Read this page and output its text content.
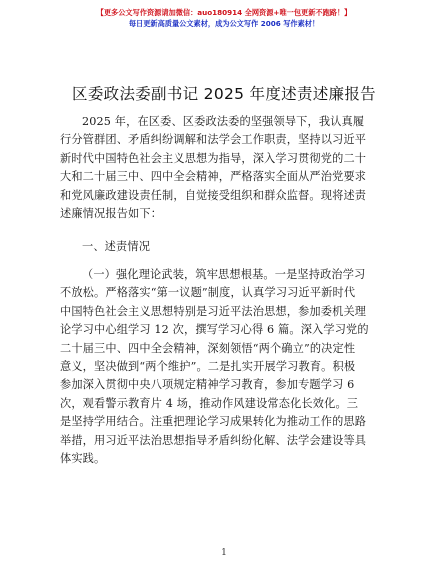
【更多公文写作资源请加微信：auo180914 全网资源+唯一包更新不跑路！】
每日更新高质量公文素材，成为公文写作 2006 写作素材！
区委政法委副书记 2025 年度述责述廉报告
2025 年，在区委、区委政法委的坚强领导下，我认真履
行分管群团、矛盾纠纷调解和法学会工作职责，坚持以习近平
新时代中国特色社会主义思想为指导，深入学习贯彻党的二十
大和二十届三中、四中全会精神，严格落实全面从严治党要求
和党风廉政建设责任制，自觉接受组织和群众监督。现将述责
述廉情况报告如下：
一、述责情况
（一）强化理论武装，筑牢思想根基。一是坚持政治学习
不放松。严格落实“第一议题”制度，认真学习习近平新时代
中国特色社会主义思想特别是习近平法治思想，参加委机关理
论学习中心组学习 12 次，撰写学习心得 6 篇。深入学习党的
二十届三中、四中全会精神，深刻领悟“两个确立”的决定性
意义，坚决做到“两个维护”。二是扎实开展学习教育。积极
参加深入贯彻中央八项规定精神学习教育，参加专题学习 6
次，观看警示教育片 4 场，推动作风建设常态化长效化。三
是坚持学用结合。注重把理论学习成果转化为推动工作的思路
举措，用习近平法治思想指导矛盾纠纷化解、法学会建设等具
体实践。
1
